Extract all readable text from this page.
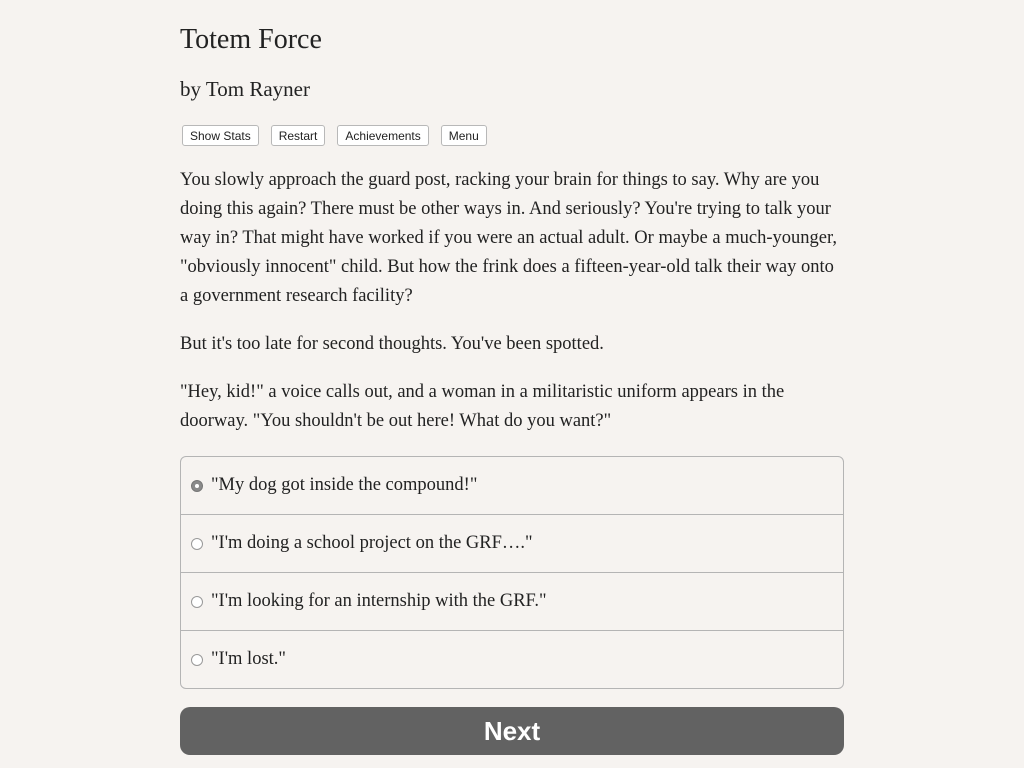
Totem Force
by Tom Rayner
Show Stats	Restart	Achievements	Menu

You slowly approach the guard post, racking your brain for things to say. Why are you doing this again? There must be other ways in. And seriously? You're trying to talk your way in? That might have worked if you were an actual adult. Or maybe a much-younger, "obviously innocent" child. But how the frink does a fifteen-year-old talk their way onto a government research facility?

But it's too late for second thoughts. You've been spotted.

"Hey, kid!" a voice calls out, and a woman in a militaristic uniform appears in the doorway. "You shouldn't be out here! What do you want?"

"My dog got inside the compound!"
"I'm doing a school project on the GRF…."
"I'm looking for an internship with the GRF."
"I'm lost."
Next
